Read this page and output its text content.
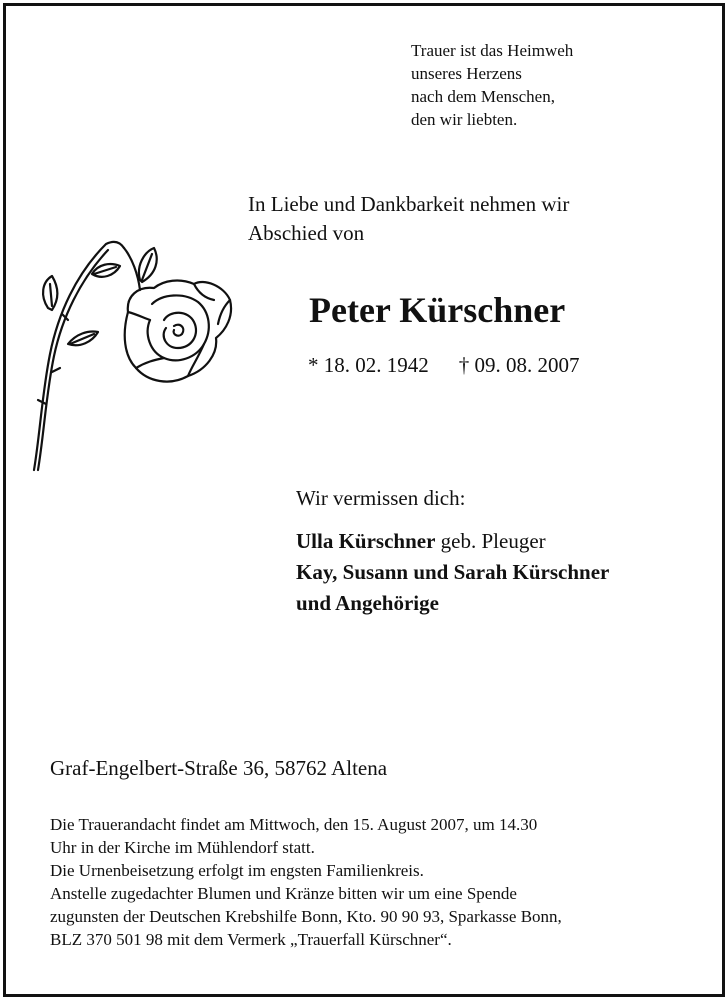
Trauer ist das Heimweh
unseres Herzens
nach dem Menschen,
den wir liebten.
In Liebe und Dankbarkeit nehmen wir
Abschied von
Peter Kürschner
* 18. 02. 1942 † 09. 08. 2007
Wir vermissen dich:
Ulla Kürschner geb. Pleuger
Kay, Susann und Sarah Kürschner
und Angehörige
Graf-Engelbert-Straße 36, 58762 Altena
Die Trauerandacht findet am Mittwoch, den 15. August 2007, um 14.30
Uhr in der Kirche im Mühlendorf statt.
Die Urnenbeisetzung erfolgt im engsten Familienkreis.
Anstelle zugedachter Blumen und Kränze bitten wir um eine Spende
zugunsten der Deutschen Krebshilfe Bonn, Kto. 90 90 93, Sparkasse Bonn,
BLZ 370 501 98 mit dem Vermerk „Trauerfall Kürschner“.
